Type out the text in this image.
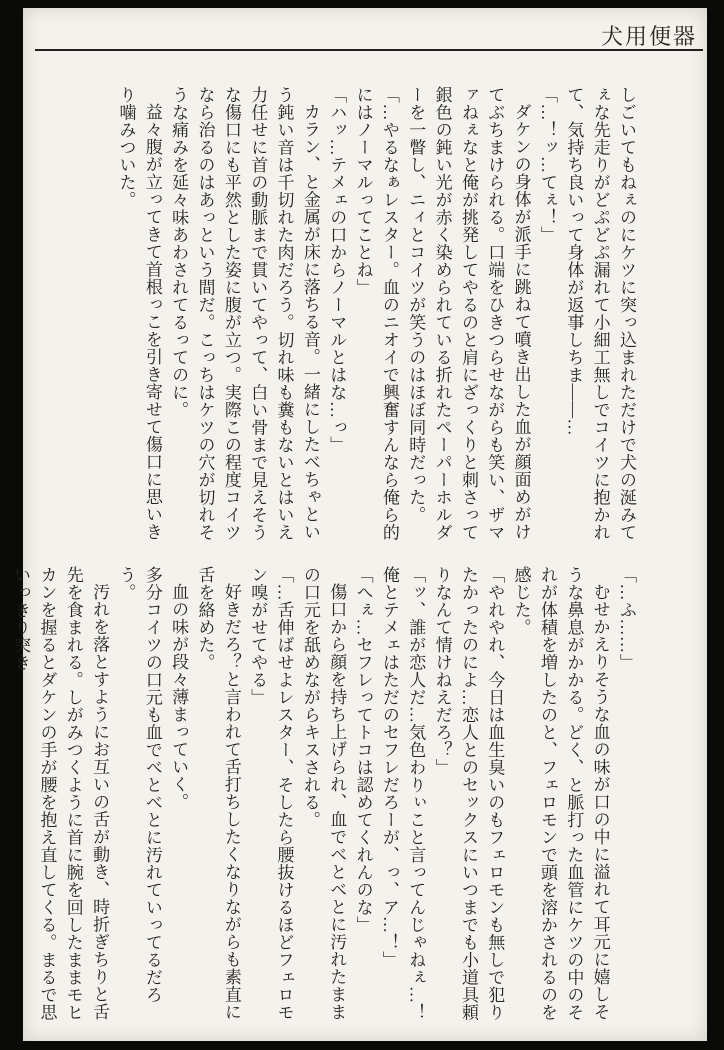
犬用便器

しごいてもねぇのにケツに突っ込まれただけで犬の涎みてぇな先走りがどぷどぷ漏れて小細工無しでコイツに抱かれて、気持ち良いって身体が返事しちま――…

「…！ッ…てぇ！」

ダケンの身体が派手に跳ねて噴き出した血が顔面めがけてぶちまけられる。口端をひきつらせながらも笑い、ザマァねぇなと俺が挑発してやるのと肩にざっくりと刺さって銀色の鈍い光が赤く染められている折れたペーパーホルダーを一瞥し、ニィとコイツが笑うのはほぼ同時だった。

「…やるなぁレスター。血のニオイで興奮すんなら俺ら的にはノーマルってことね」

「ハッ…テメェの口からノーマルとはな…っ」

カラン、と金属が床に落ちる音。一緒にしたべちゃという鈍い音は千切れた肉だろう。切れ味も糞もないとはいえ力任せに首の動脈まで貫いてやって、白い骨まで見えそうな傷口にも平然とした姿に腹が立つ。実際この程度コイツなら治るのはあっという間だ。こっちはケツの穴が切れそうな痛みを延々味あわされてるってのに。

益々腹が立ってきて首根っこを引き寄せて傷口に思いきり噛みついた。

「…ふ……」

むせかえりそうな血の味が口の中に溢れて耳元に嬉しそうな鼻息がかかる。どく、と脈打った血管にケツの中のそれが体積を増したのと、フェロモンで頭を溶かされるのを感じた。

「やれやれ、今日は血生臭いのもフェロモンも無しで犯りたかったのによ…恋人とのセックスにいつまでも小道具頼りなんて情けねえだろ？」

「ッ、誰が恋人だ…気色わりぃこと言ってんじゃねぇ…！俺とテメェはただのセフレだろーが、っ、ア…！」

「へぇ…セフレってトコは認めてくれんのな」

傷口から顔を持ち上げられ、血でべとべとに汚れたままの口元を舐めながらキスされる。

「…舌伸ばせよレスター、そしたら腰抜けるほどフェロモン嗅がせてやる」

好きだろ？と言われて舌打ちしたくなりながらも素直に舌を絡めた。

血の味が段々薄まっていく。

多分コイツの口元も血でべとべとに汚れていってるだろう。

汚れを落とすようにお互いの舌が動き、時折ぎちりと舌先を食まれる。しがみつくように首に腕を回したままモヒカンを握るとダケンの手が腰を抱え直してくる。まるで思いっきり突き
